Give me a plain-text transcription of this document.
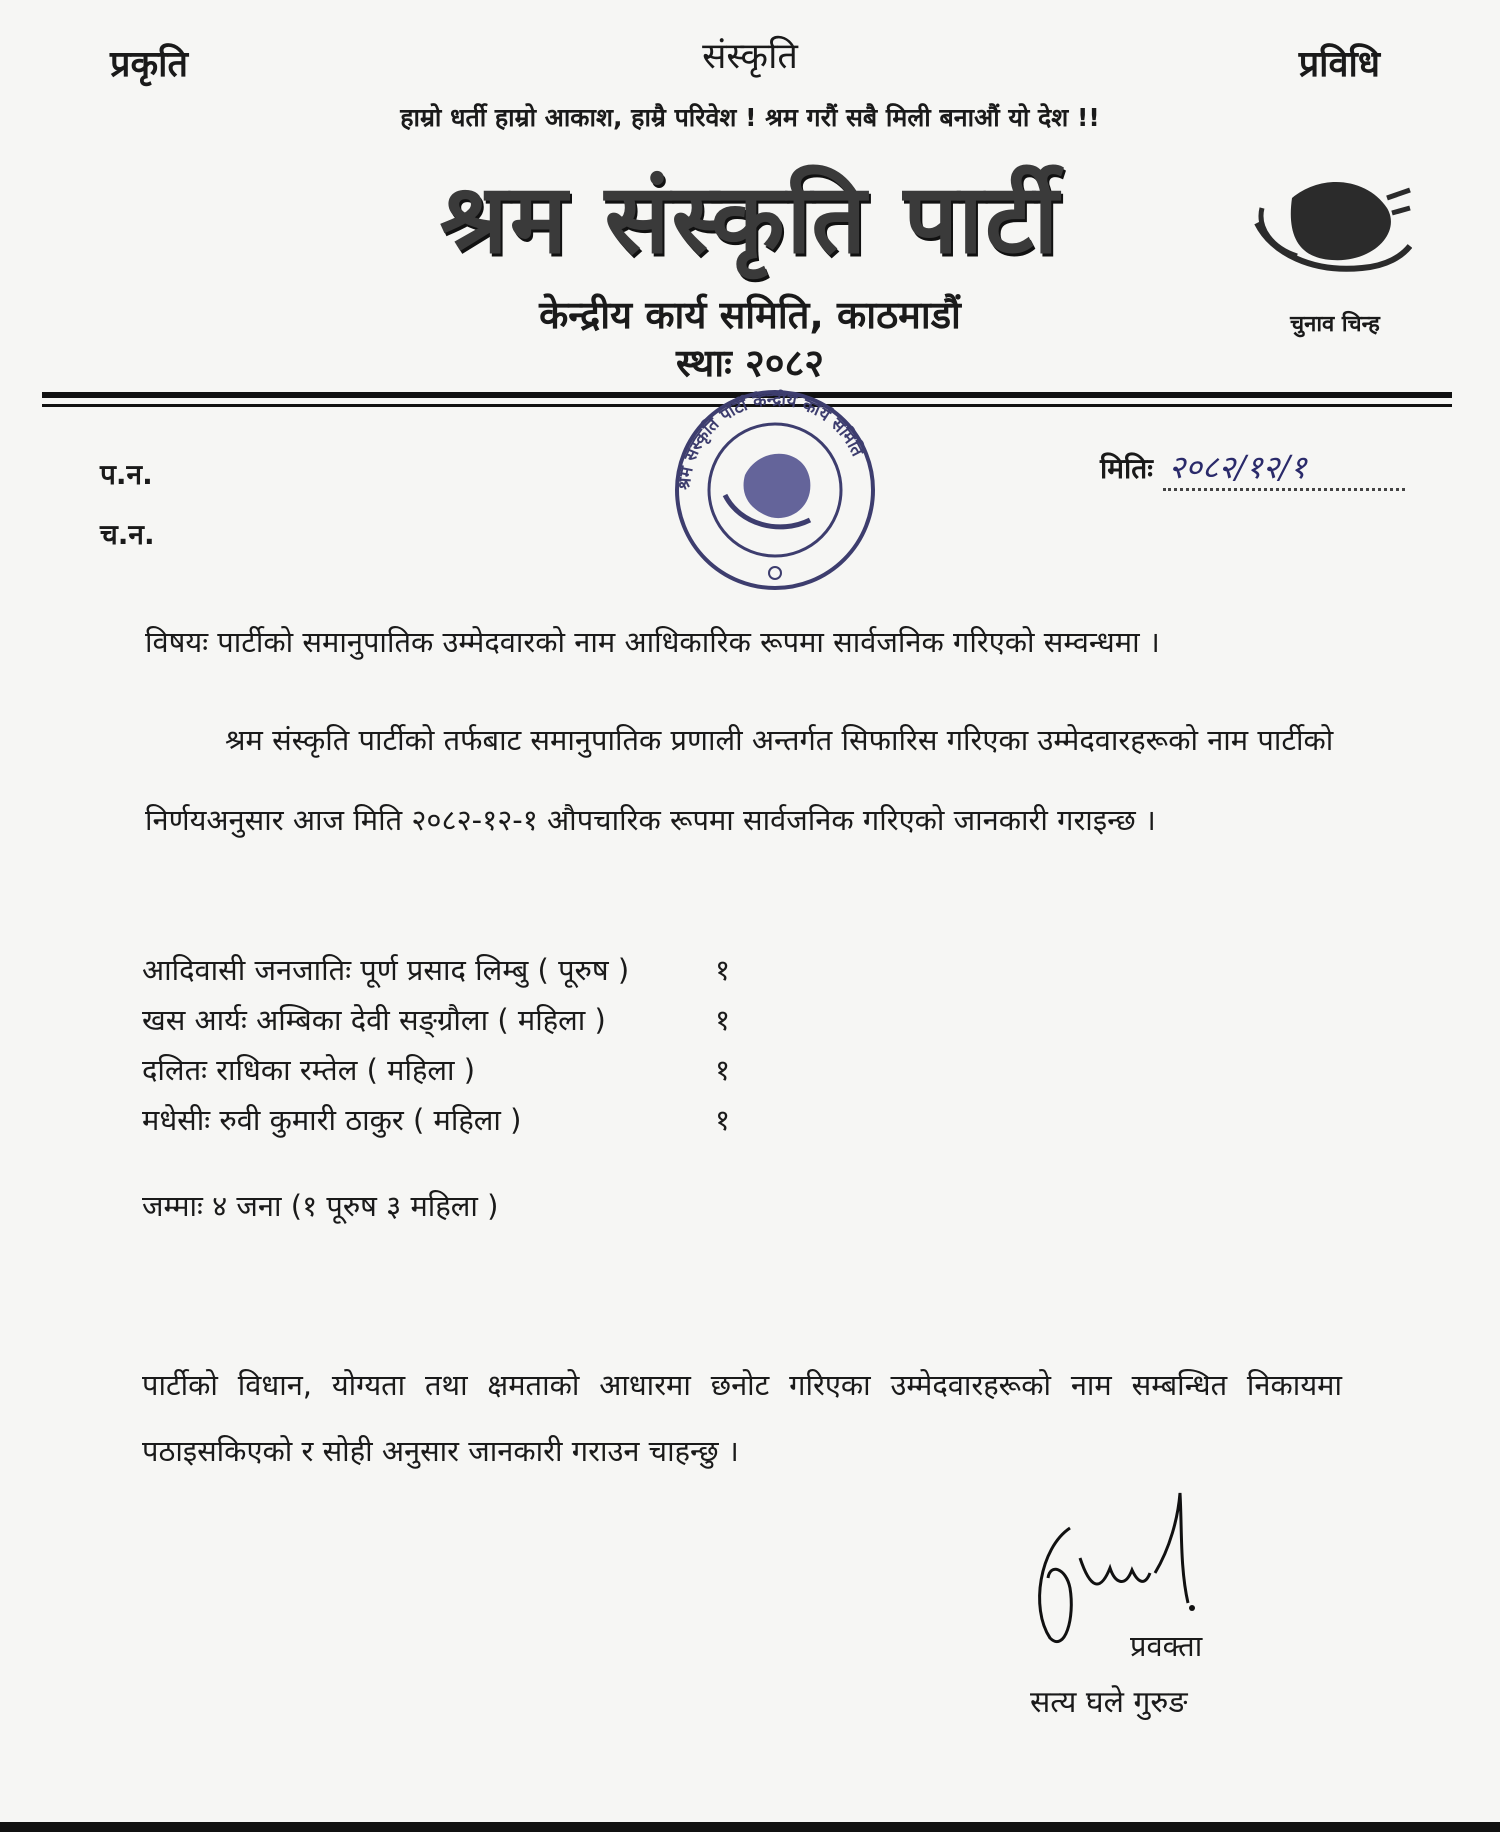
प्रकृति	संस्कृति	प्रविधि
हाम्रो धर्ती हाम्रो आकाश, हाम्रै परिवेश ! श्रम गरौं सबै मिली बनाऔं यो देश !!
श्रम संस्कृति पार्टी
चुनाव चिन्ह
केन्द्रीय कार्य समिति, काठमाडौं
स्थाः २०८२
प.न.
च.न.
मितिः २०८२/१२/१
श्रम संस्कृति पार्टी केन्द्रीय कार्य समिति
विषयः पार्टीको समानुपातिक उम्मेदवारको नाम आधिकारिक रूपमा सार्वजनिक गरिएको सम्वन्धमा ।
श्रम संस्कृति पार्टीको तर्फबाट समानुपातिक प्रणाली अन्तर्गत सिफारिस गरिएका उम्मेदवारहरूको नाम पार्टीको निर्णयअनुसार आज मिति २०८२-१२-१ औपचारिक रूपमा सार्वजनिक गरिएको जानकारी गराइन्छ ।
आदिवासी जनजातिः पूर्ण प्रसाद लिम्बु ( पूरुष )	१
खस आर्यः अम्बिका देवी सङ्ग्रौला ( महिला )	१
दलितः राधिका रम्तेल ( महिला )	१
मधेसीः रुवी कुमारी ठाकुर ( महिला )	१
जम्माः ४ जना (१ पूरुष ३ महिला )
पार्टीको विधान, योग्यता तथा क्षमताको आधारमा छनोट गरिएका उम्मेदवारहरूको नाम सम्बन्धित निकायमा पठाइसकिएको र सोही अनुसार जानकारी गराउन चाहन्छु ।
प्रवक्ता
सत्य घले गुरुङ
